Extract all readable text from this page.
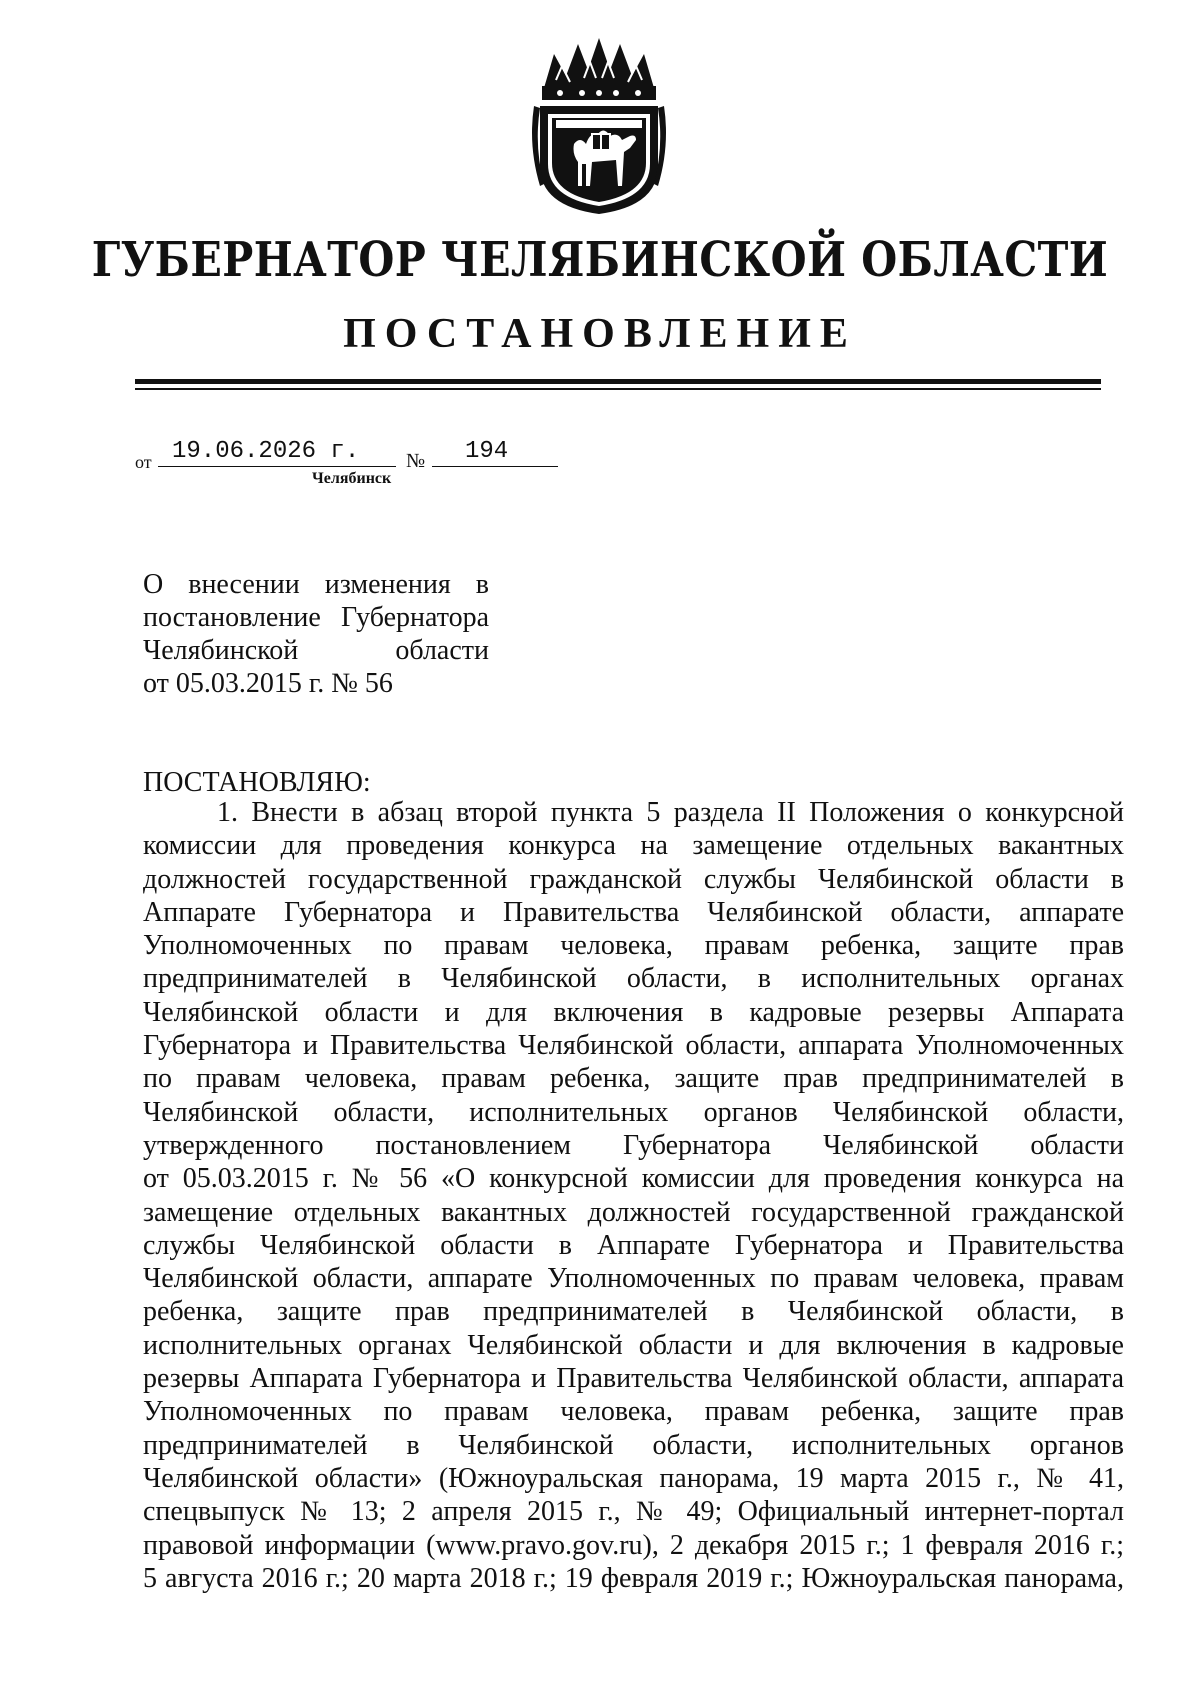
ГУБЕРНАТОР ЧЕЛЯБИНСКОЙ ОБЛАСТИ
ПОСТАНОВЛЕНИЕ
от 19.06.2026 г. № 194
Челябинск
О внесении изменения в
постановление Губернатора
Челябинской области
от 05.03.2015 г. № 56
ПОСТАНОВЛЯЮ:
1. Внести в абзац второй пункта 5 раздела II Положения о конкурсной
комиссии для проведения конкурса на замещение отдельных вакантных
должностей государственной гражданской службы Челябинской области в
Аппарате Губернатора и Правительства Челябинской области, аппарате
Уполномоченных по правам человека, правам ребенка, защите прав
предпринимателей в Челябинской области, в исполнительных органах
Челябинской области и для включения в кадровые резервы Аппарата
Губернатора и Правительства Челябинской области, аппарата Уполномоченных
по правам человека, правам ребенка, защите прав предпринимателей в
Челябинской области, исполнительных органов Челябинской области,
утвержденного постановлением Губернатора Челябинской области
от 05.03.2015 г. № 56 «О конкурсной комиссии для проведения конкурса на
замещение отдельных вакантных должностей государственной гражданской
службы Челябинской области в Аппарате Губернатора и Правительства
Челябинской области, аппарате Уполномоченных по правам человека, правам
ребенка, защите прав предпринимателей в Челябинской области, в
исполнительных органах Челябинской области и для включения в кадровые
резервы Аппарата Губернатора и Правительства Челябинской области, аппарата
Уполномоченных по правам человека, правам ребенка, защите прав
предпринимателей в Челябинской области, исполнительных органов
Челябинской области» (Южноуральская панорама, 19 марта 2015 г., № 41,
спецвыпуск № 13; 2 апреля 2015 г., № 49; Официальный интернет-портал
правовой информации (www.pravo.gov.ru), 2 декабря 2015 г.; 1 февраля 2016 г.;
5 августа 2016 г.; 20 марта 2018 г.; 19 февраля 2019 г.; Южноуральская панорама,
